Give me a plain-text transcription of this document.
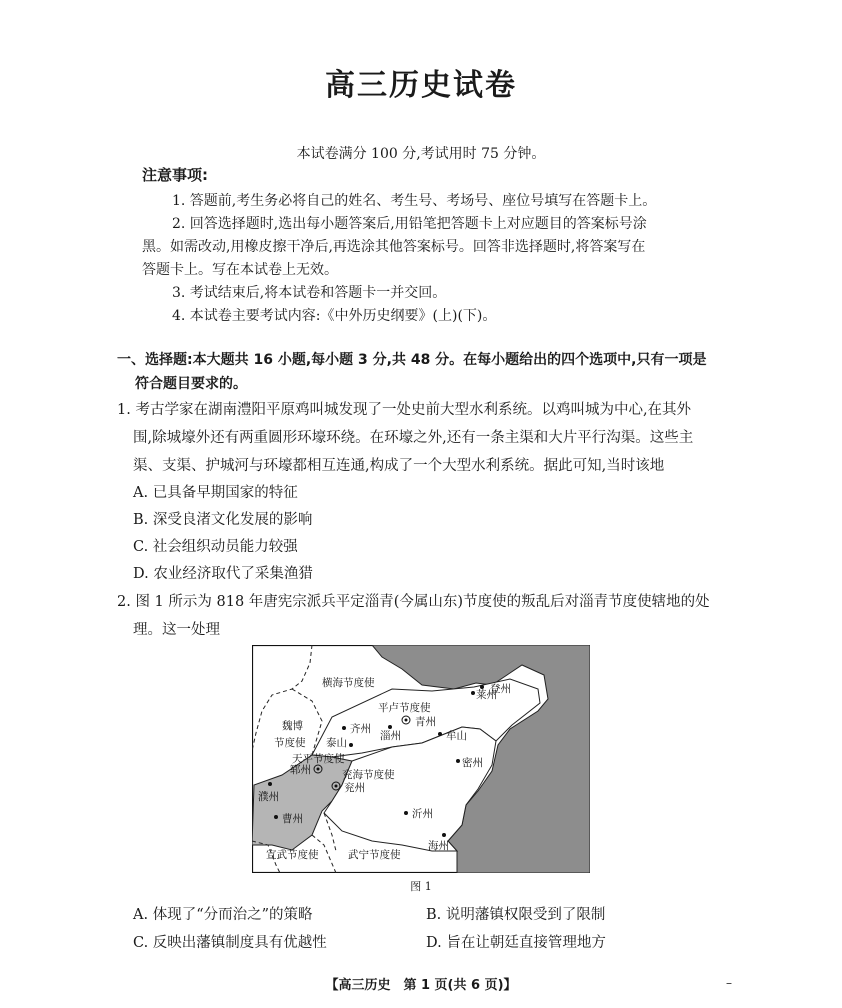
高三历史试卷
本试卷满分 100 分,考试用时 75 分钟。
注意事项:
1. 答题前,考生务必将自己的姓名、考生号、考场号、座位号填写在答题卡上。
2. 回答选择题时,选出每小题答案后,用铅笔把答题卡上对应题目的答案标号涂
黑。如需改动,用橡皮擦干净后,再选涂其他答案标号。回答非选择题时,将答案写在
答题卡上。写在本试卷上无效。
3. 考试结束后,将本试卷和答题卡一并交回。
4. 本试卷主要考试内容:《中外历史纲要》(上)(下)。
一、选择题:本大题共 16 小题,每小题 3 分,共 48 分。在每小题给出的四个选项中,只有一项是
符合题目要求的。
1. 考古学家在湖南澧阳平原鸡叫城发现了一处史前大型水利系统。以鸡叫城为中心,在其外
围,除城壕外还有两重圆形环壕环绕。在环壕之外,还有一条主渠和大片平行沟渠。这些主
渠、支渠、护城河与环壕都相互连通,构成了一个大型水利系统。据此可知,当时该地
A. 已具备早期国家的特征
B. 深受良渚文化发展的影响
C. 社会组织动员能力较强
D. 农业经济取代了采集渔猎
2. 图 1 所示为 818 年唐宪宗派兵平定淄青(今属山东)节度使的叛乱后对淄青节度使辖地的处
理。这一处理
横海节度使
魏博
节度使
平卢节度使
天平节度使
兖海节度使
宣武节度使	武宁节度使
登州
莱州
青州
齐州
淄州
泰山
牟山
密州
郓州
兖州
濮州
曹州	沂州
海州
图 1
A. 体现了“分而治之”的策略	B. 说明藩镇权限受到了限制
C. 反映出藩镇制度具有优越性	D. 旨在让朝廷直接管理地方
【高三历史　第 1 页(共 6 页)】	–
